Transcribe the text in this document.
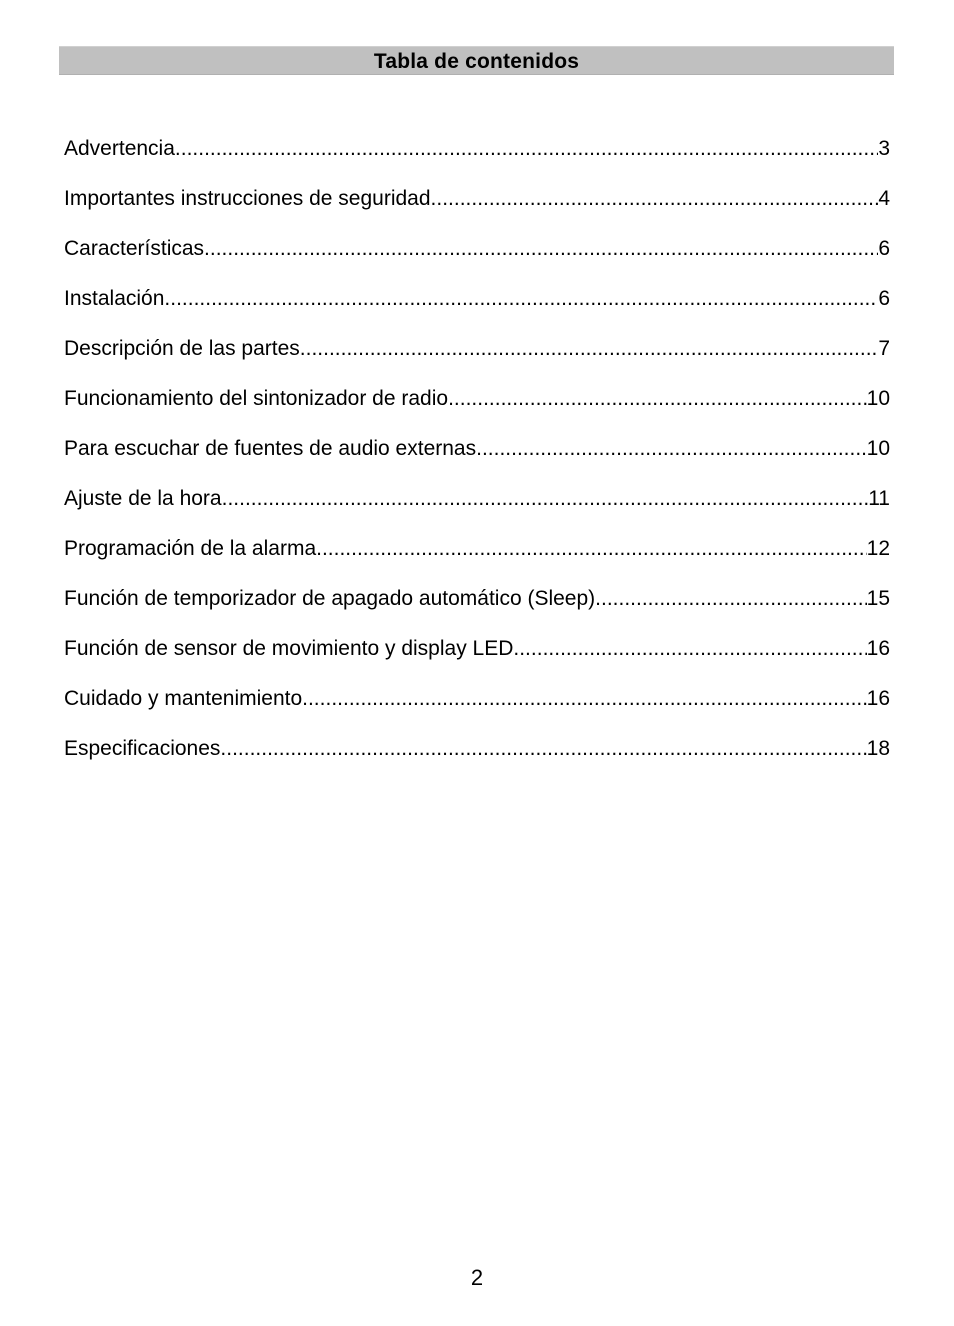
Tabla de contenidos
Advertencia .....	3
Importantes instrucciones de seguridad .....	4
Características .....	6
Instalación .....	6
Descripción de las partes .....	7
Funcionamiento del sintonizador de radio .....	10
Para escuchar de fuentes de audio externas .....	10
Ajuste de la hora .....	11
Programación de la alarma .....	12
Función de temporizador de apagado automático (Sleep) .....	15
Función de sensor de movimiento y display LED .....	16
Cuidado y mantenimiento .....	16
Especificaciones .....	18
2
